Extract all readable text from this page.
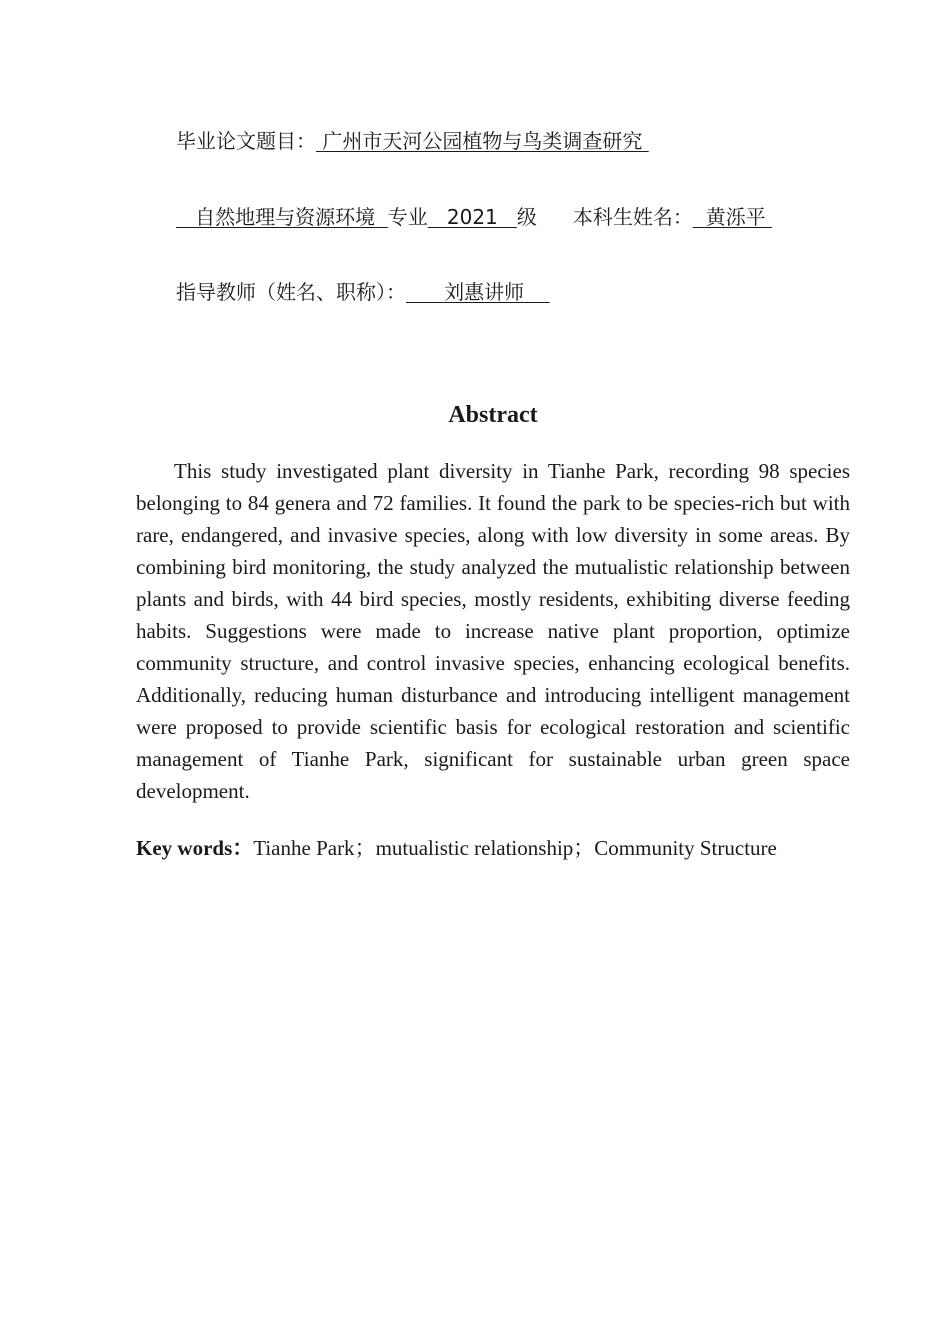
毕业论文题目： 广州市天河公园植物与鸟类调查研究
自然地理与资源环境 专业 2021 级 本科生姓名： 黄泺平
指导教师（姓名、职称）： 刘惠讲师
Abstract

This study investigated plant diversity in Tianhe Park, recording 98 species belonging to 84 genera and 72 families. It found the park to be species-rich but with rare, endangered, and invasive species, along with low diversity in some areas. By combining bird monitoring, the study analyzed the mutualistic relationship between plants and birds, with 44 bird species, mostly residents, exhibiting diverse feeding habits. Suggestions were made to increase native plant proportion, optimize community structure, and control invasive species, enhancing ecological benefits. Additionally, reducing human disturbance and introducing intelligent management were proposed to provide scientific basis for ecological restoration and scientific management of Tianhe Park, significant for sustainable urban green space development.

Key words：Tianhe Park；mutualistic relationship；Community Structure
